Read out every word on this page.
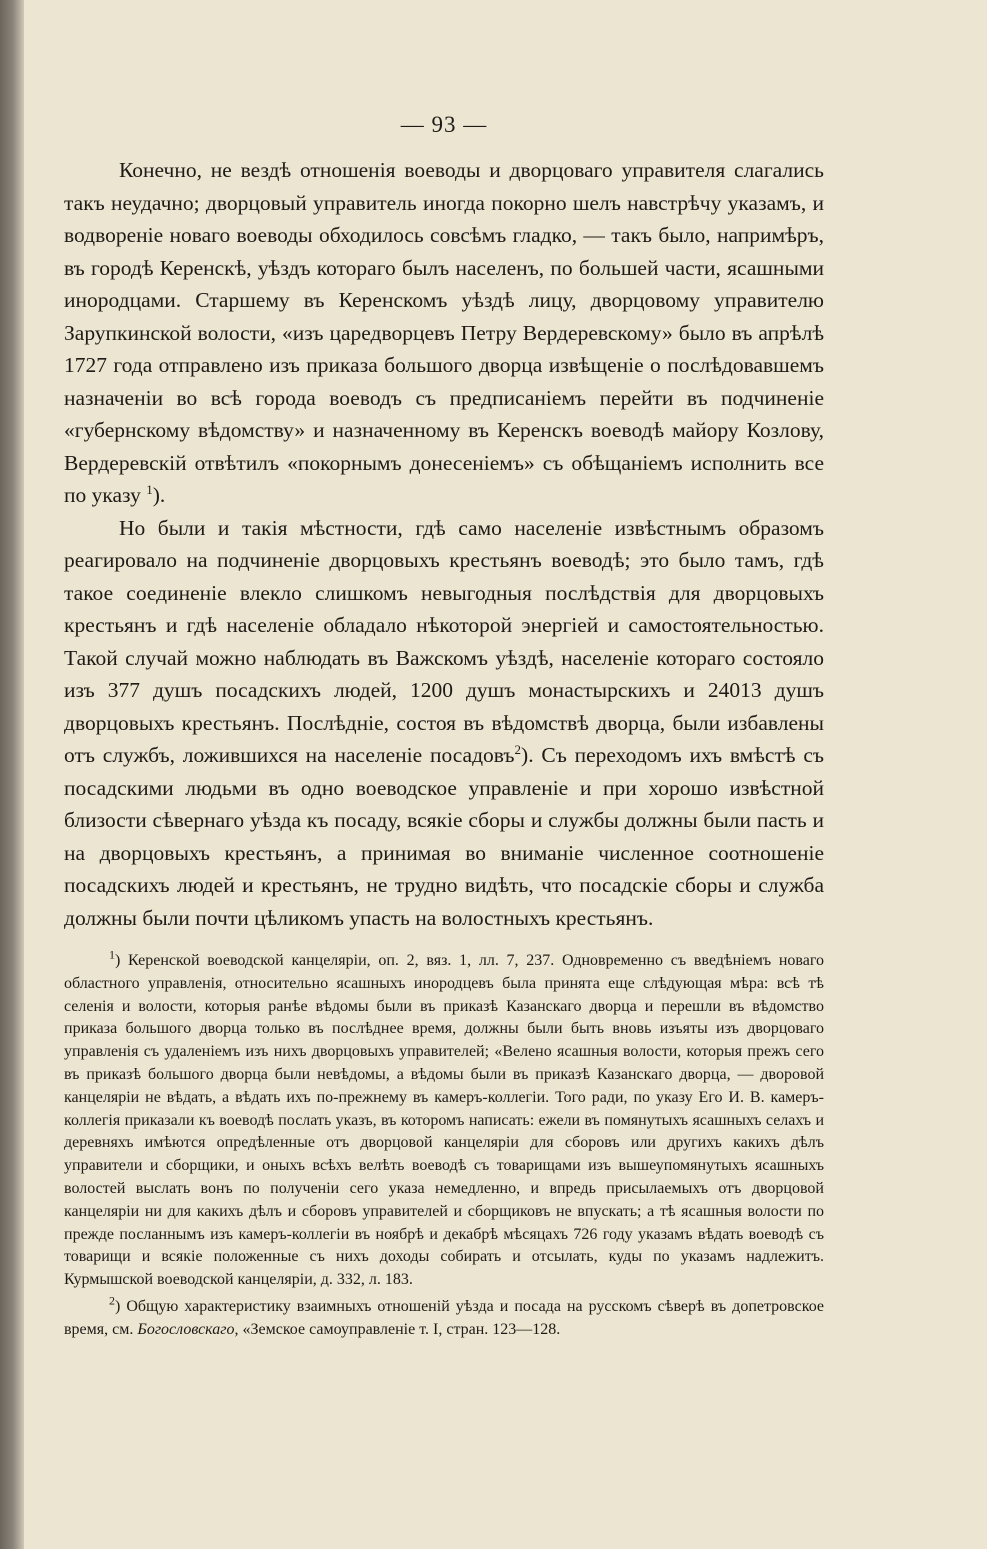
— 93 —

Конечно, не вездѣ отношенія воеводы и дворцоваго управителя слагались такъ неудачно; дворцовый управитель иногда покорно шелъ навстрѣчу указамъ, и водвореніе новаго воеводы обходилось совсѣмъ гладко, — такъ было, напримѣръ, въ городѣ Керенскѣ, уѣздъ котораго былъ населенъ, по большей части, ясашными инородцами. Старшему въ Керенскомъ уѣздѣ лицу, дворцовому управителю Зарупкинской волости, «изъ царедворцевъ Петру Вердеревскому» было въ апрѣлѣ 1727 года отправлено изъ приказа большого дворца извѣщеніе о послѣдовавшемъ назначеніи во всѣ города воеводъ съ предписаніемъ перейти въ подчиненіе «губернскому вѣдомству» и назначенному въ Керенскъ воеводѣ майору Козлову, Вердеревскій отвѣтилъ «покорнымъ донесеніемъ» съ обѣщаніемъ исполнить все по указу $^1$).

Но были и такія мѣстности, гдѣ само населеніе извѣстнымъ образомъ реагировало на подчиненіе дворцовыхъ крестьянъ воеводѣ; это было тамъ, гдѣ такое соединеніе влекло слишкомъ невыгодныя послѣдствія для дворцовыхъ крестьянъ и гдѣ населеніе обладало нѣкоторой энергіей и самостоятельностью. Такой случай можно наблюдать въ Важскомъ уѣздѣ, населеніе котораго состояло изъ 377 душъ посадскихъ людей, 1200 душъ монастырскихъ и 24013 душъ дворцовыхъ крестьянъ. Послѣдніе, состоя въ вѣдомствѣ дворца, были избавлены отъ службъ, ложившихся на населеніе посадовъ$^2$). Съ переходомъ ихъ вмѣстѣ съ посадскими людьми въ одно воеводское управленіе и при хорошо извѣстной близости сѣвернаго уѣзда къ посаду, всякіе сборы и службы должны были пасть и на дворцовыхъ крестьянъ, а принимая во вниманіе численное соотношеніе посадскихъ людей и крестьянъ, не трудно видѣть, что посадскіе сборы и служба должны были почти цѣликомъ упасть на волостныхъ крестьянъ.

$^1$) Керенской воеводской канцеляріи, оп. 2, вяз. 1, лл. 7, 237. Одновременно съ введѣніемъ новаго областного управленія, относительно ясашныхъ инородцевъ была принята еще слѣдующая мѣра: всѣ тѣ селенія и волости, которыя ранѣе вѣдомы были въ приказѣ Казанскаго дворца и перешли въ вѣдомство приказа большого дворца только въ послѣднее время, должны были быть вновь изъяты изъ дворцоваго управленія съ удаленіемъ изъ нихъ дворцовыхъ управителей; «Велено ясашныя волости, которыя прежъ сего въ приказѣ большого дворца были невѣдомы, а вѣдомы были въ приказѣ Казанскаго дворца, — дворовой канцеляріи не вѣдать, а вѣдать ихъ по-прежнему въ камеръ-коллегіи. Того ради, по указу Его И. В. камеръ-коллегія приказали къ воеводѣ послать указъ, въ которомъ написать: ежели въ помянутыхъ ясашныхъ селахъ и деревняхъ имѣются опредѣленные отъ дворцовой канцеляріи для сборовъ или другихъ какихъ дѣлъ управители и сборщики, и оныхъ всѣхъ велѣть воеводѣ съ товарищами изъ вышеупомянутыхъ ясашныхъ волостей выслать вонъ по полученіи сего указа немедленно, и впредь присылаемыхъ отъ дворцовой канцеляріи ни для какихъ дѣлъ и сборовъ управителей и сборщиковъ не впускать; а тѣ ясашныя волости по прежде посланнымъ изъ камеръ-коллегіи въ ноябрѣ и декабрѣ мѣсяцахъ 726 году указамъ вѣдать воеводѣ съ товарищи и всякіе положенные съ нихъ доходы собирать и отсылать, куды по указамъ надлежитъ. Курмышской воеводской канцеляріи, д. 332, л. 183.

$^2$) Общую характеристику взаимныхъ отношеній уѣзда и посада на русскомъ сѣверѣ въ допетровское время, см. Богословскаго, «Земское самоуправленіе т. I, стран. 123—128.
